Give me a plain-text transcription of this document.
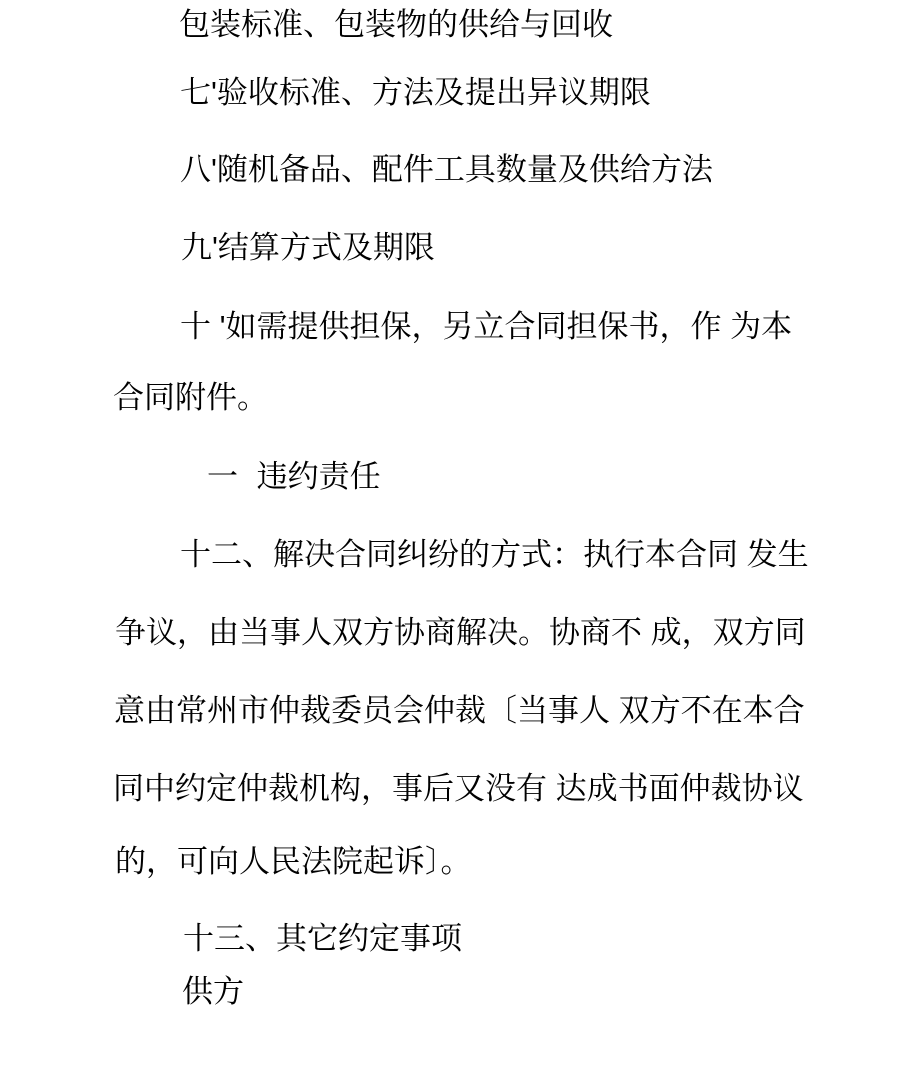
包装标准、包装物的供给与回收
七'验收标准、方法及提出异议期限
八'随机备品、配件工具数量及供给方法
九'结算方式及期限
十 '如需提供担保，另立合同担保书，作 为本
合同附件。
一 违约责任
十二、解决合同纠纷的方式：执行本合同 发生
争议，由当事人双方协商解决。协商不 成，双方同
意由常州市仲裁委员会仲裁〔当事人 双方不在本合
同中约定仲裁机构，事后又没有 达成书面仲裁协议
的，可向人民法院起诉〕。
十三、其它约定事项
供方
